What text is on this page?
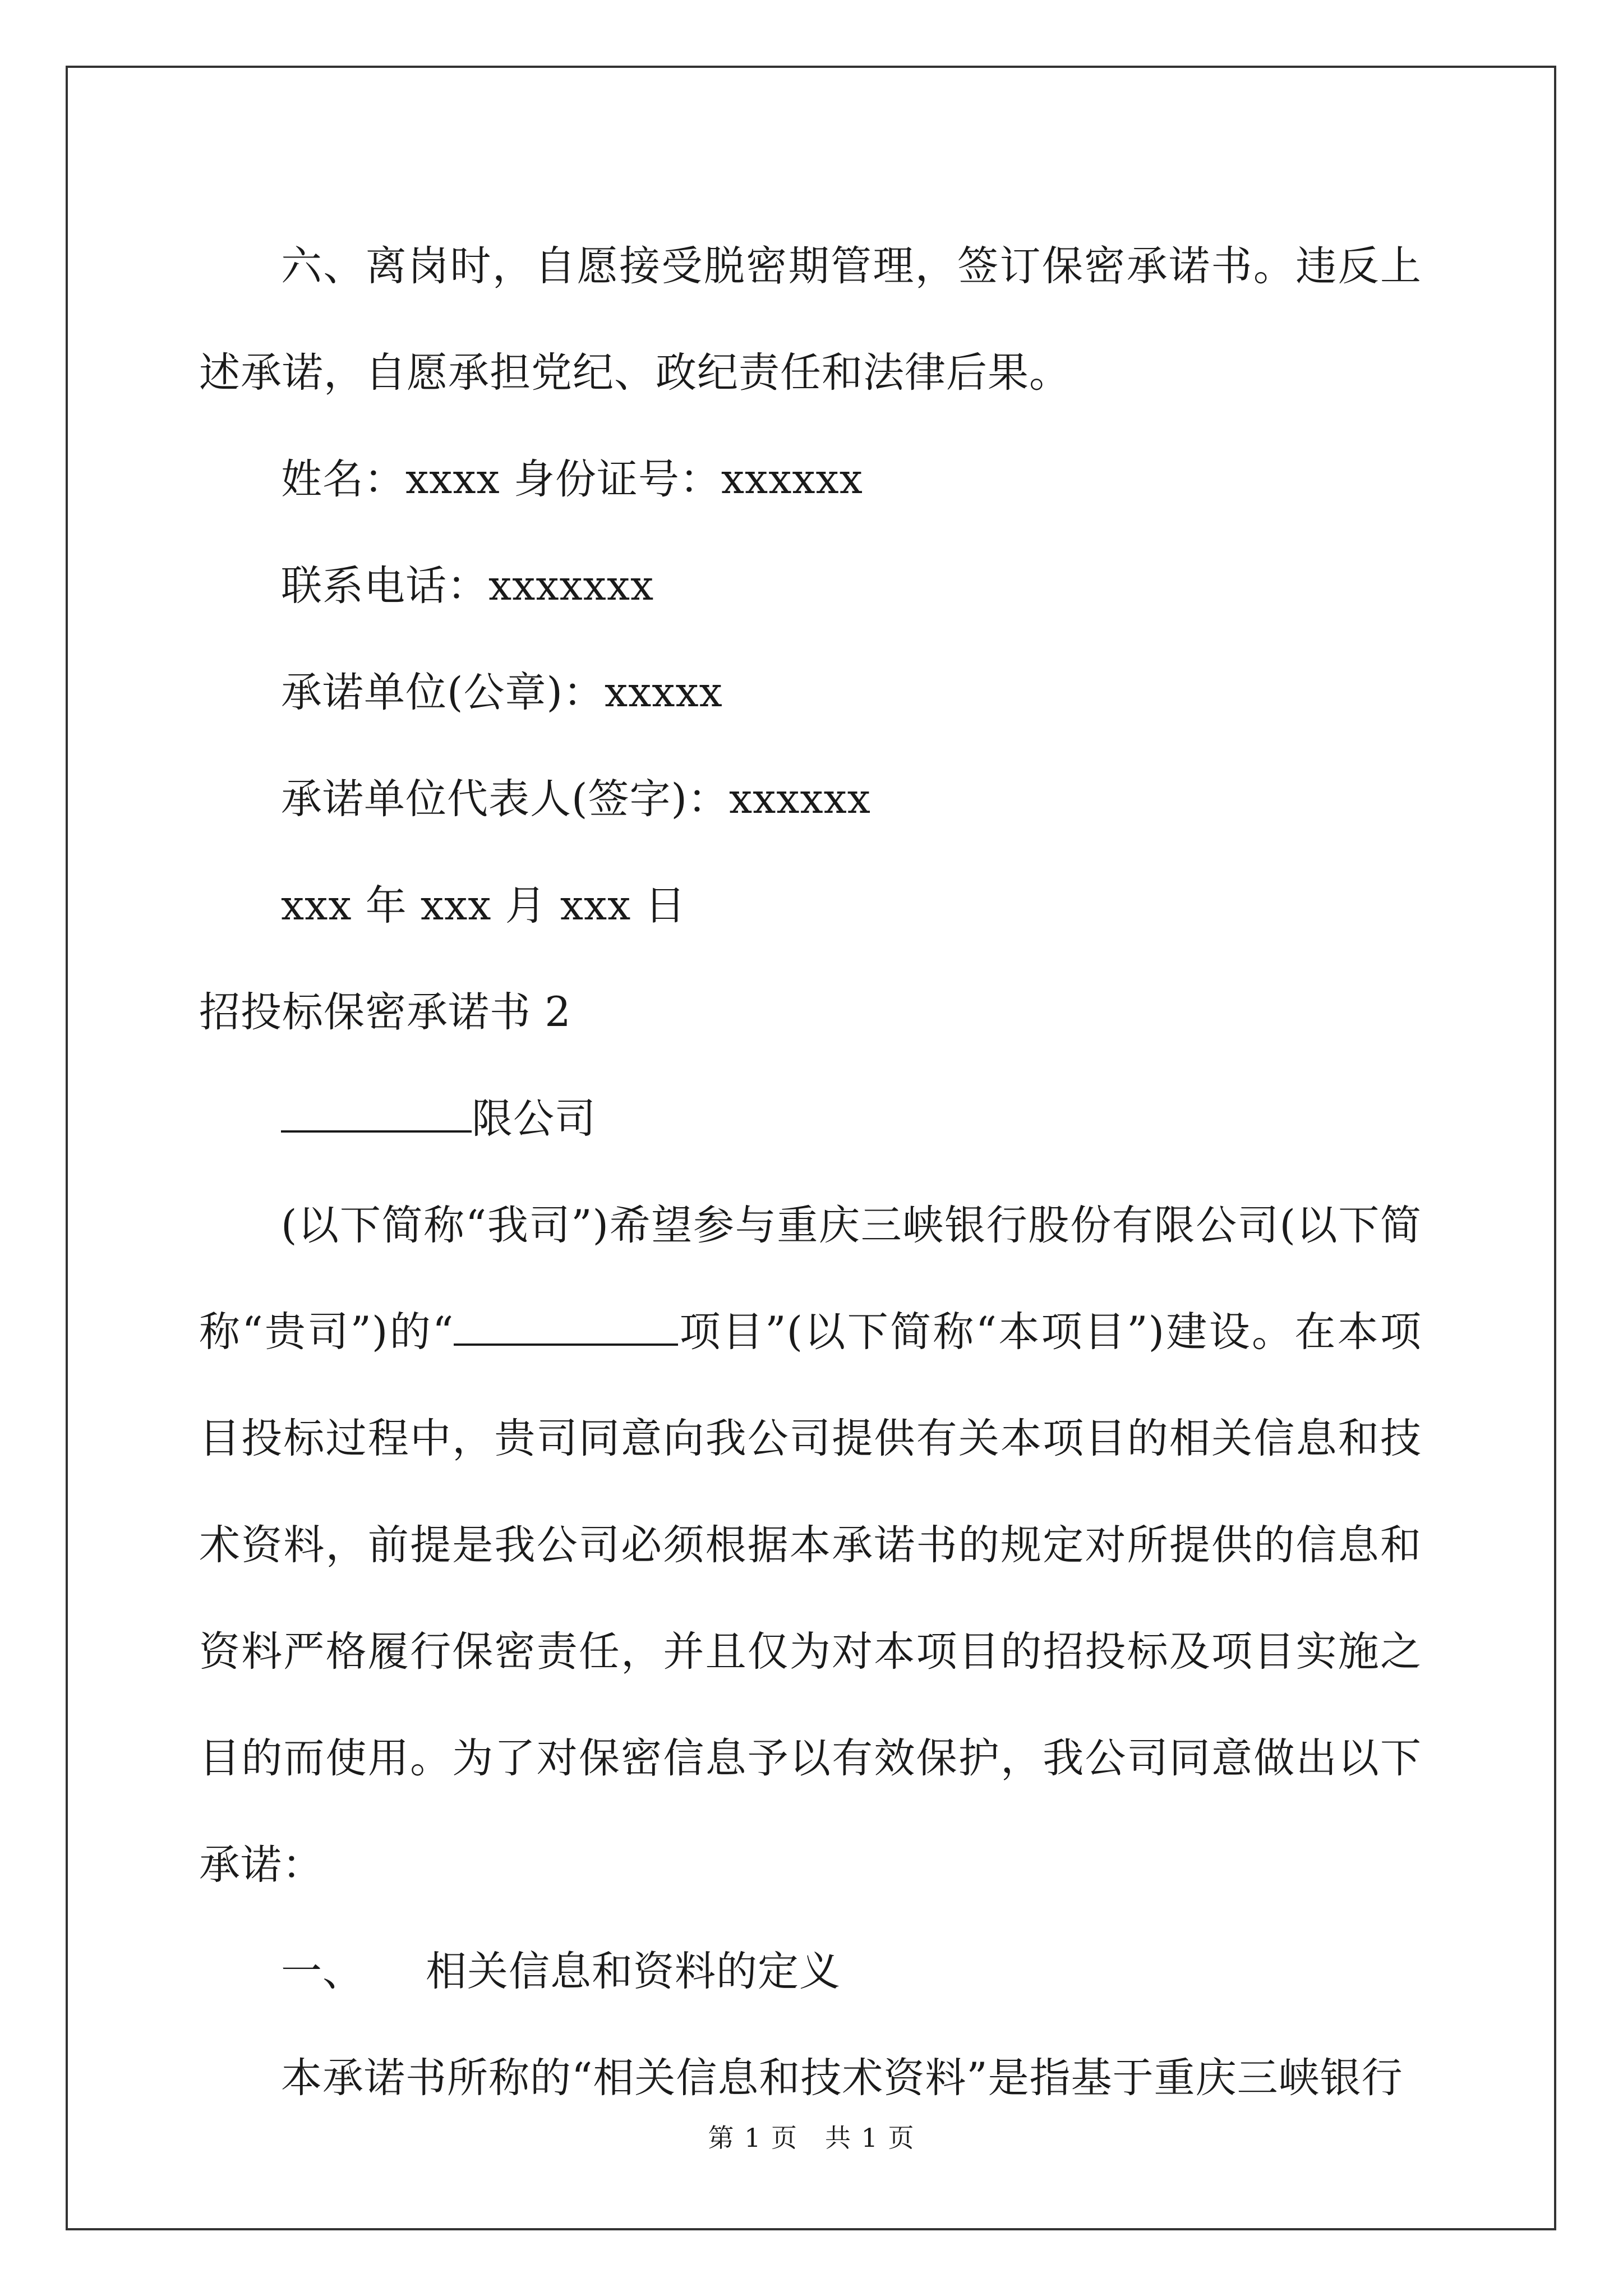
六、离岗时，自愿接受脱密期管理，签订保密承诺书。违反上述承诺，自愿承担党纪、政纪责任和法律后果。

姓名：xxxx 身份证号：xxxxxx

联系电话：xxxxxxx

承诺单位(公章)：xxxxx

承诺单位代表人(签字)：xxxxxx

xxx 年 xxx 月 xxx 日

招投标保密承诺书 2

限公司

(以下简称“我司”)希望参与重庆三峡银行股份有限公司(以下简称“贵司”)的“	项目”(以下简称“本项目”)建设。在本项目投标过程中，贵司同意向我公司提供有关本项目的相关信息和技术资料，前提是我公司必须根据本承诺书的规定对所提供的信息和资料严格履行保密责任，并且仅为对本项目的招投标及项目实施之目的而使用。为了对保密信息予以有效保护，我公司同意做出以下承诺：

一、 相关信息和资料的定义

本承诺书所称的“相关信息和技术资料”是指基于重庆三峡银行

第 1 页　共 1 页
